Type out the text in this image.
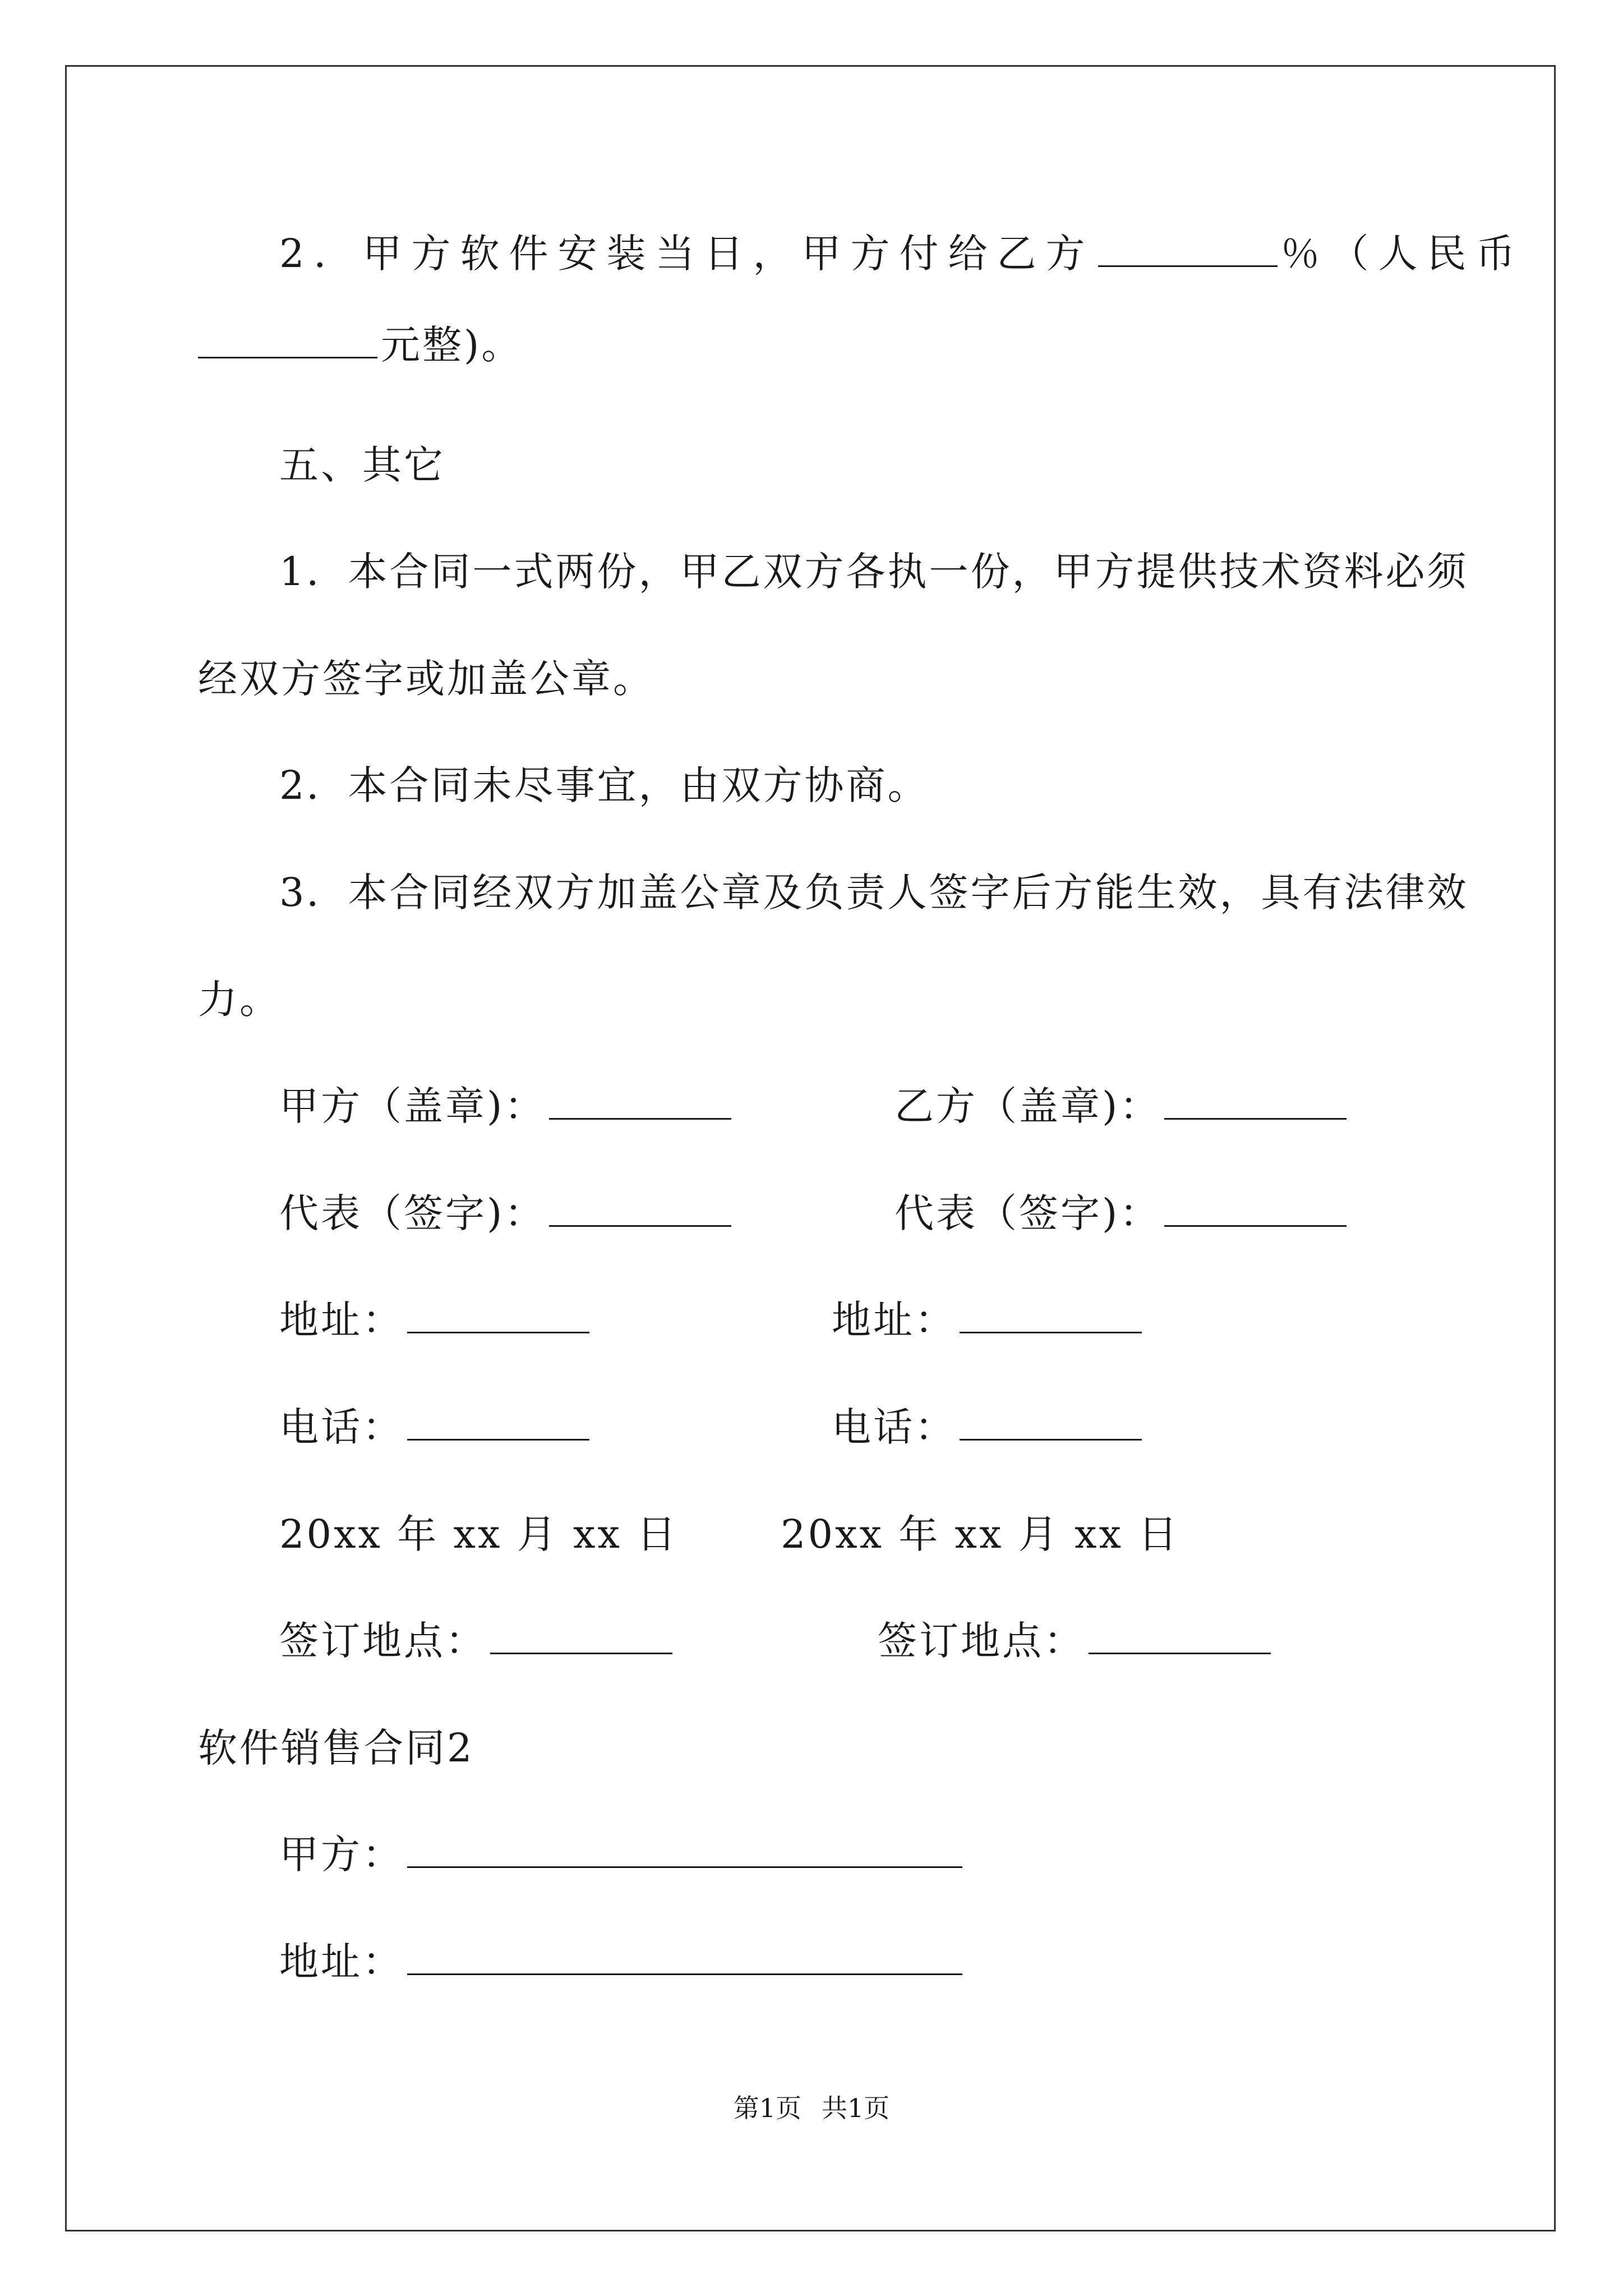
2．甲方软件安装当日，甲方付给乙方	％（人民币
元整)。
五、其它
1．本合同一式两份，甲乙双方各执一份，甲方提供技术资料必须
经双方签字或加盖公章。
2．本合同未尽事宜，由双方协商。
3．本合同经双方加盖公章及负责人签字后方能生效，具有法律效
力。
甲方（盖章)：	乙方（盖章)：
代表（签字)：	代表（签字)：
地址：	地址：
电话：	电话：
20xx 年 xx 月 xx 日	20xx 年 xx 月 xx 日
签订地点：	签订地点：
软件销售合同2
甲方：
地址：
第1页 共1页
